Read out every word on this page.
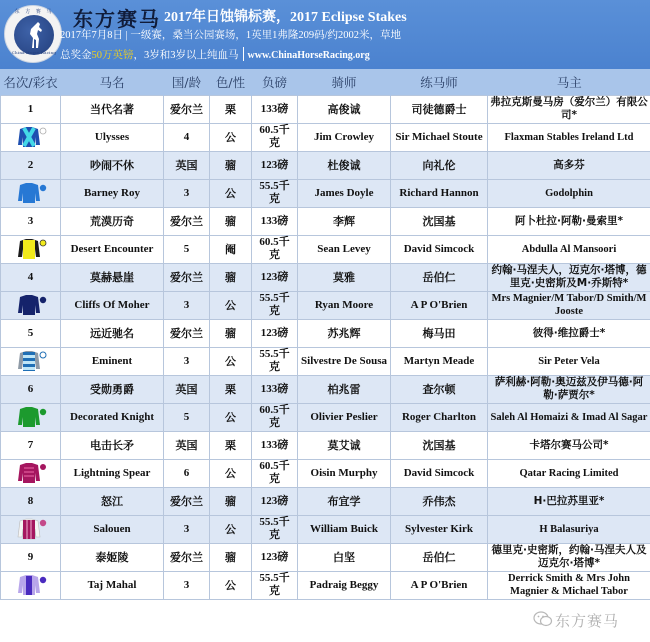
东 方 赛 马
China Horse Racing
东方赛马 2017年日蚀锦标赛，2017 Eclipse Stakes
2017年7月8日 | 一级赛，桑当公园赛场，1英里1弗隆209码/约2002米，草地
总奖金50万英镑，3岁和3岁以上纯血马 www.ChinaHorseRacing.org
名次/彩衣	马名	国/龄	色/性	负磅	骑师	练马师	马主
1	当代名著	爱尔兰	栗	133磅	高俊诚	司徒德爵士	弗拉克斯曼马房（爱尔兰）有限公司*

	Ulysses	4	公	60.5千克	Jim Crowley	Sir Michael Stoute	Flaxman Stables Ireland Ltd
2	吵闹不休	英国	骝	123磅	杜俊诚	向礼伦	高多芬

	Barney Roy	3	公	55.5千克	James Doyle	Richard Hannon	Godolphin
3	荒漠历奇	爱尔兰	骝	133磅	李辉	沈国基	阿卜杜拉·阿勒·曼索里*

	Desert Encounter	5	阉	60.5千克	Sean Levey	David Simcock	Abdulla Al Mansoori
4	莫赫悬崖	爱尔兰	骝	123磅	莫雅	岳伯仁	约翰·马涅夫人，迈克尔·塔博，德里克·史密斯及M·乔斯特*

	Cliffs Of Moher	3	公	55.5千克	Ryan Moore	A P O'Brien	Mrs Magnier/M Tabor/D Smith/M Jooste
5	远近驰名	爱尔兰	骝	123磅	苏兆辉	梅马田	彼得·维拉爵士*

	Eminent	3	公	55.5千克	Silvestre De Sousa	Martyn Meade	Sir Peter Vela
6	受勋勇爵	英国	栗	133磅	柏兆雷	查尔顿	萨利赫·阿勒·奥迈兹及伊马德·阿勒·萨贾尔*

	Decorated Knight	5	公	60.5千克	Olivier Peslier	Roger Charlton	Saleh Al Homaizi & Imad Al Sagar
7	电击长矛	英国	栗	133磅	莫艾诚	沈国基	卡塔尔赛马公司*

	Lightning Spear	6	公	60.5千克	Oisin Murphy	David Simcock	Qatar Racing Limited
8	怒江	爱尔兰	骝	123磅	布宜学	乔伟杰	H·巴拉苏里亚*

	Salouen	3	公	55.5千克	William Buick	Sylvester Kirk	H Balasuriya
9	泰姬陵	爱尔兰	骝	123磅	白坚	岳伯仁	德里克·史密斯，约翰·马涅夫人及迈克尔·塔博*

	Taj Mahal	3	公	55.5千克	Padraig Beggy	A P O'Brien	Derrick Smith & Mrs John Magnier & Michael Tabor
东方赛马
